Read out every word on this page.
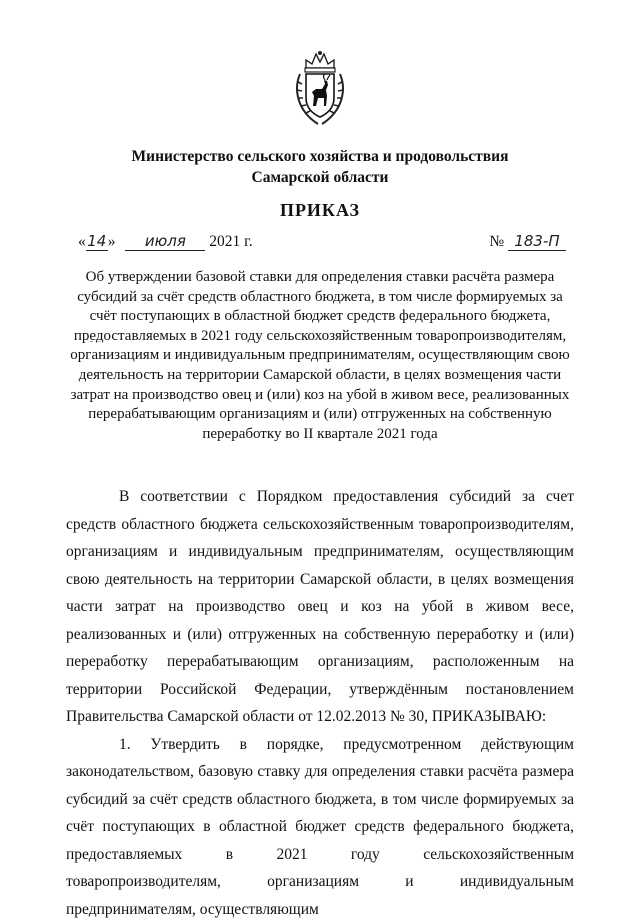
Министерство сельского хозяйства и продовольствия
Самарской области
ПРИКАЗ
«14» июля 2021 г.	№ 183-П
Об утверждении базовой ставки для определения ставки расчёта размера субсидий за счёт средств областного бюджета, в том числе формируемых за счёт поступающих в областной бюджет средств федерального бюджета, предоставляемых в 2021 году сельскохозяйственным товаропроизводителям, организациям и индивидуальным предпринимателям, осуществляющим свою деятельность на территории Самарской области, в целях возмещения части затрат на производство овец и (или) коз на убой в живом весе, реализованных перерабатывающим организациям и (или) отгруженных на собственную переработку во II квартале 2021 года

В соответствии с Порядком предоставления субсидий за счет средств областного бюджета сельскохозяйственным товаропроизводителям, организациям и индивидуальным предпринимателям, осуществляющим свою деятельность на территории Самарской области, в целях возмещения части затрат на производство овец и коз на убой в живом весе, реализованных и (или) отгруженных на собственную переработку и (или) переработку перерабатывающим организациям, расположенным на территории Российской Федерации, утверждённым постановлением Правительства Самарской области от 12.02.2013 № 30, ПРИКАЗЫВАЮ:

1. Утвердить в порядке, предусмотренном действующим законодательством, базовую ставку для определения ставки расчёта размера субсидий за счёт средств областного бюджета, в том числе формируемых за счёт поступающих в областной бюджет средств федерального бюджета, предоставляемых в 2021 году сельскохозяйственным товаропроизводителям, организациям и индивидуальным предпринимателям, осуществляющим
